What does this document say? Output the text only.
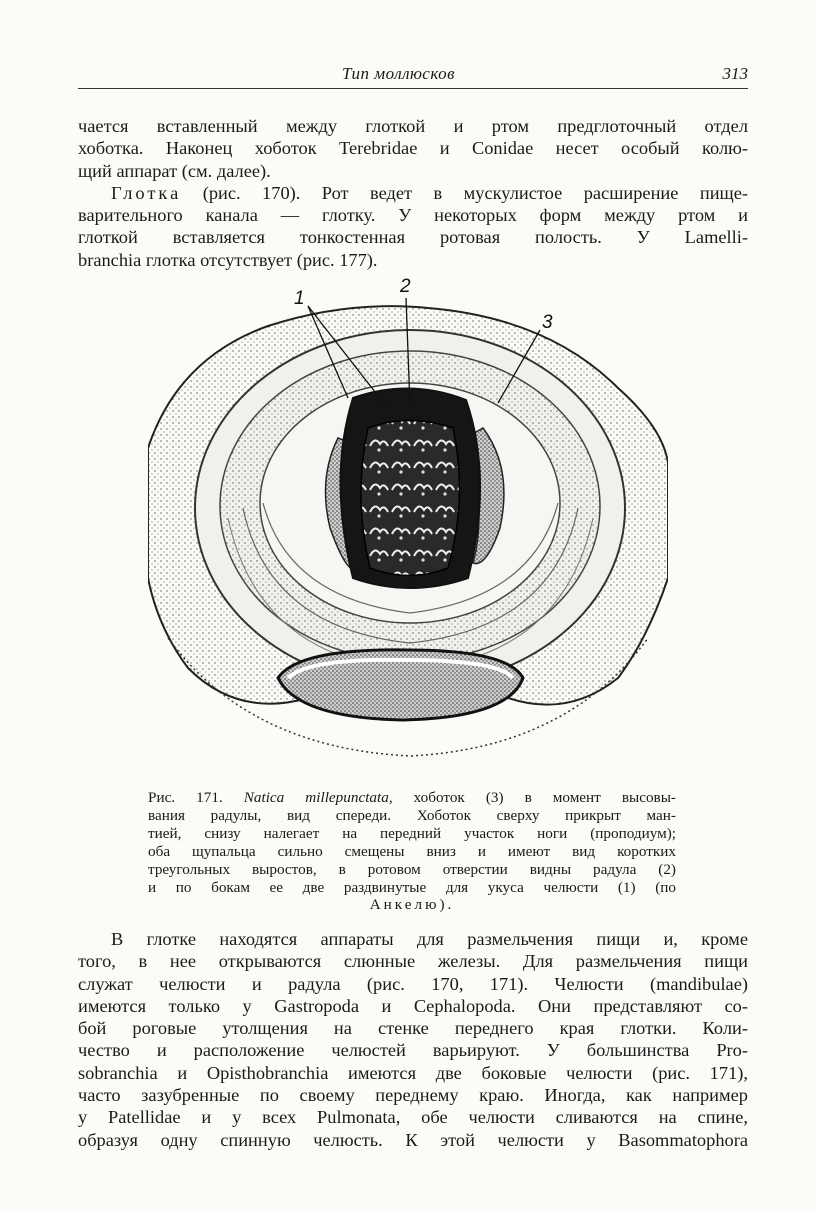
Тип моллюсков	313
чается вставленный между глоткой и ртом предглоточный отдел
хоботка. Наконец хоботок Terebridae и Conidae несет особый колю-
щий аппарат (см. далее).
Глотка (рис. 170). Рот ведет в мускулистое расширение пище-
варительного канала — глотку. У некоторых форм между ртом и
глоткой вставляется тонкостенная ротовая полость. У Lamelli-
branchia глотка отсутствует (рис. 177).
1
2
3
Рис. 171. Natica millepunctata, хоботок (3) в момент высовы-
вания радулы, вид спереди. Хоботок сверху прикрыт ман-
тией, снизу налегает на передний участок ноги (проподиум);
оба щупальца сильно смещены вниз и имеют вид коротких
треугольных выростов, в ротовом отверстии видны радула (2)
и по бокам ее две раздвинутые для укуса челюсти (1) (по
Анкелю).
В глотке находятся аппараты для размельчения пищи и, кроме
того, в нее открываются слюнные железы. Для размельчения пищи
служат челюсти и радула (рис. 170, 171). Челюсти (mandibulae)
имеются только у Gastropoda и Cephalopoda. Они представляют со-
бой роговые утолщения на стенке переднего края глотки. Коли-
чество и расположение челюстей варьируют. У большинства Pro-
sobranchia и Opisthobranchia имеются две боковые челюсти (рис. 171),
часто зазубренные по своему переднему краю. Иногда, как например
у Patellidae и у всех Pulmonata, обе челюсти сливаются на спине,
образуя одну спинную челюсть. К этой челюсти у Basommatophora
